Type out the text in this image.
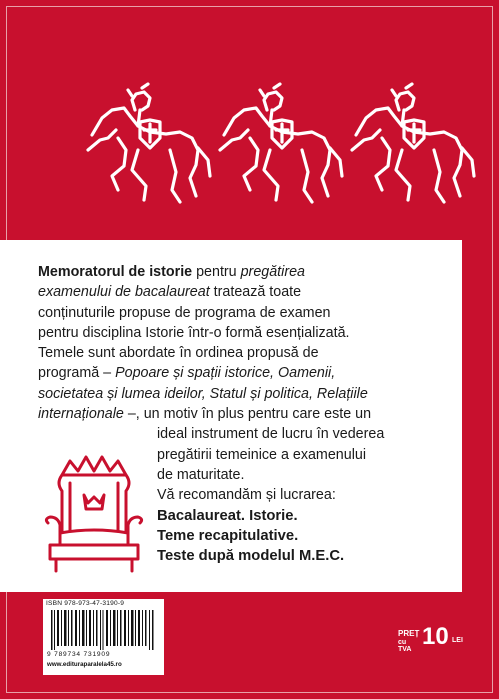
Memoratorul de istorie pentru pregătirea

examenului de bacalaureat tratează toate

conținuturile propuse de programa de examen

pentru disciplina Istorie într-o formă esențializată.

Temele sunt abordate în ordinea propusă de

programă – Popoare și spații istorice, Oamenii,

societatea și lumea ideilor, Statul și politica, Relațiile

internaționale –, un motiv în plus pentru care este un

ideal instrument de lucru în vederea

pregătirii temeinice a examenului

de maturitate.

Vă recomandăm și lucrarea:

Bacalaureat. Istorie.

Teme recapitulative.

Teste după modelul M.E.C.

ISBN 978-973-47-3190-9
9 789734 731909
www.edituraparalela45.ro
PREȚ
cu TVA 10 LEI
